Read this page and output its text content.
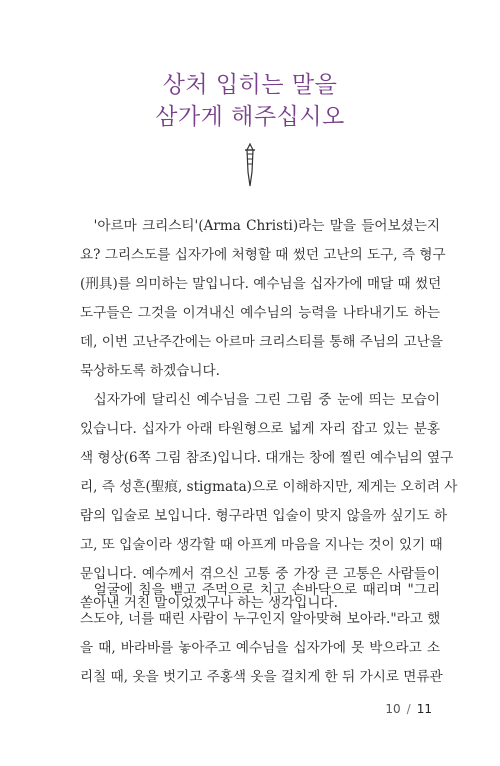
상처 입히는 말을
삼가게 해주십시오

'아르마 크리스티'(Arma Christi)라는 말을 들어보셨는지

요? 그리스도를 십자가에 처형할 때 썼던 고난의 도구, 즉 형구
(刑具)를 의미하는 말입니다. 예수님을 십자가에 매달 때 썼던
도구들은 그것을 이겨내신 예수님의 능력을 나타내기도 하는
데, 이번 고난주간에는 아르마 크리스티를 통해 주님의 고난을
묵상하도록 하겠습니다.

십자가에 달리신 예수님을 그린 그림 중 눈에 띄는 모습이

있습니다. 십자가 아래 타원형으로 넓게 자리 잡고 있는 분홍
색 형상(6쪽 그림 참조)입니다. 대개는 창에 찔린 예수님의 옆구
리, 즉 성흔(聖痕, stigmata)으로 이해하지만, 제게는 오히려 사
람의 입술로 보입니다. 형구라면 입술이 맞지 않을까 싶기도 하
고, 또 입술이라 생각할 때 아프게 마음을 지나는 것이 있기 때
문입니다. 예수께서 겪으신 고통 중 가장 큰 고통은 사람들이
쏟아낸 거친 말이었겠구나 하는 생각입니다.

얼굴에 침을 뱉고 주먹으로 치고 손바닥으로 때리며 "그리

스도야, 너를 때린 사람이 누구인지 알아맞혀 보아라."라고 했
을 때, 바라바를 놓아주고 예수님을 십자가에 못 박으라고 소
리칠 때, 옷을 벗기고 주홍색 옷을 걸치게 한 뒤 가시로 면류관
10 / 11
